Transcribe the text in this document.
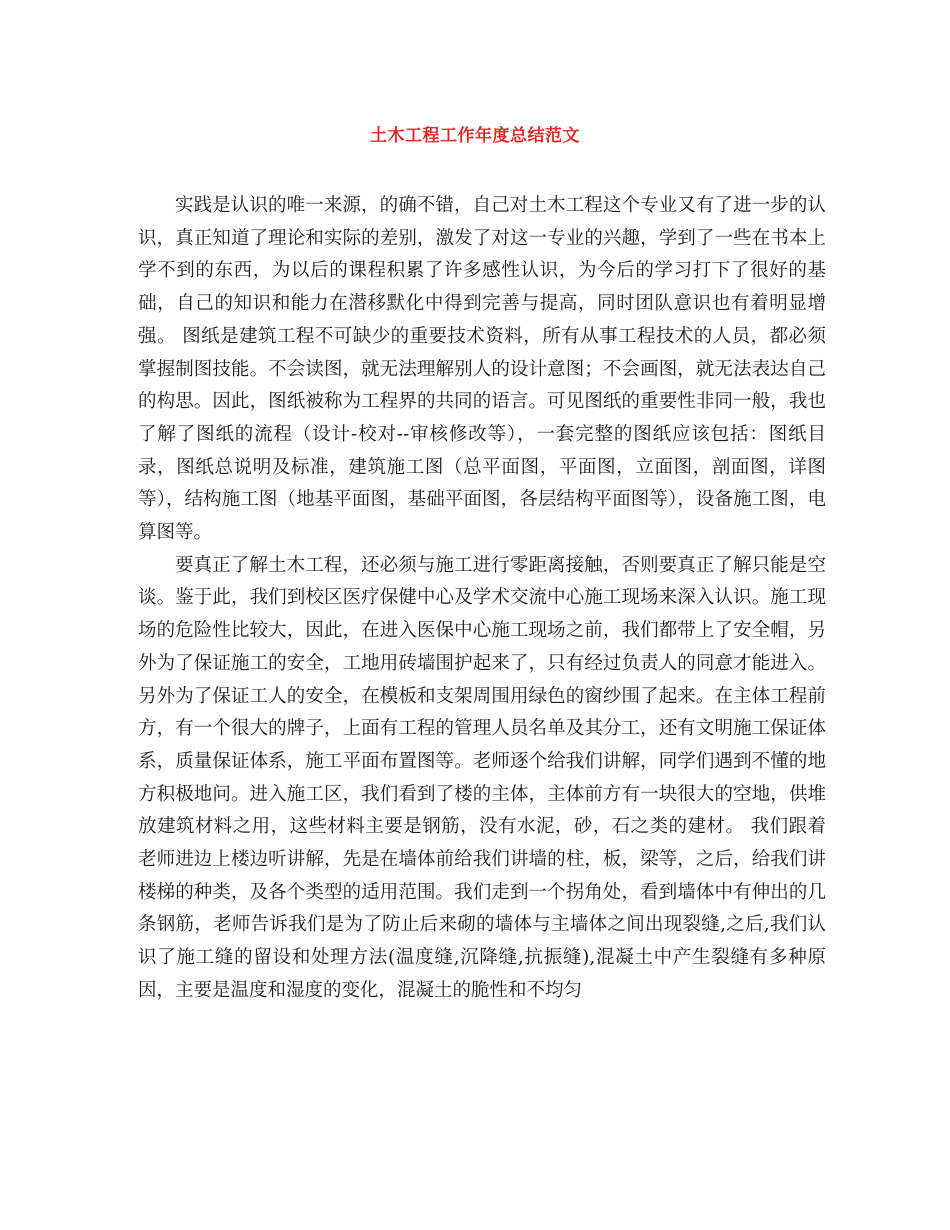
土木工程工作年度总结范文

实践是认识的唯一来源，的确不错，自己对土木工程这个专业又有了进一步的认识，真正知道了理论和实际的差别，激发了对这一专业的兴趣，学到了一些在书本上学不到的东西，为以后的课程积累了许多感性认识，为今后的学习打下了很好的基础，自己的知识和能力在潜移默化中得到完善与提高，同时团队意识也有着明显增强。 图纸是建筑工程不可缺少的重要技术资料，所有从事工程技术的人员，都必须掌握制图技能。不会读图，就无法理解别人的设计意图；不会画图，就无法表达自己的构思。因此，图纸被称为工程界的共同的语言。可见图纸的重要性非同一般，我也了解了图纸的流程（设计-校对--审核修改等），一套完整的图纸应该包括：图纸目录，图纸总说明及标准，建筑施工图（总平面图，平面图，立面图，剖面图，详图等），结构施工图（地基平面图，基础平面图，各层结构平面图等），设备施工图，电算图等。

要真正了解土木工程，还必须与施工进行零距离接触，否则要真正了解只能是空谈。鉴于此，我们到校区医疗保健中心及学术交流中心施工现场来深入认识。施工现场的危险性比较大，因此，在进入医保中心施工现场之前，我们都带上了安全帽，另外为了保证施工的安全，工地用砖墙围护起来了，只有经过负责人的同意才能进入。另外为了保证工人的安全，在模板和支架周围用绿色的窗纱围了起来。在主体工程前方，有一个很大的牌子，上面有工程的管理人员名单及其分工，还有文明施工保证体系，质量保证体系，施工平面布置图等。老师逐个给我们讲解，同学们遇到不懂的地方积极地问。进入施工区，我们看到了楼的主体，主体前方有一块很大的空地，供堆放建筑材料之用，这些材料主要是钢筋，没有水泥，砂，石之类的建材。 我们跟着老师进边上楼边听讲解，先是在墙体前给我们讲墙的柱，板，梁等，之后，给我们讲楼梯的种类，及各个类型的适用范围。我们走到一个拐角处，看到墙体中有伸出的几条钢筋，老师告诉我们是为了防止后来砌的墙体与主墙体之间出现裂缝,之后,我们认识了施工缝的留设和处理方法(温度缝,沉降缝,抗振缝),混凝土中产生裂缝有多种原因，主要是温度和湿度的变化，混凝土的脆性和不均匀
